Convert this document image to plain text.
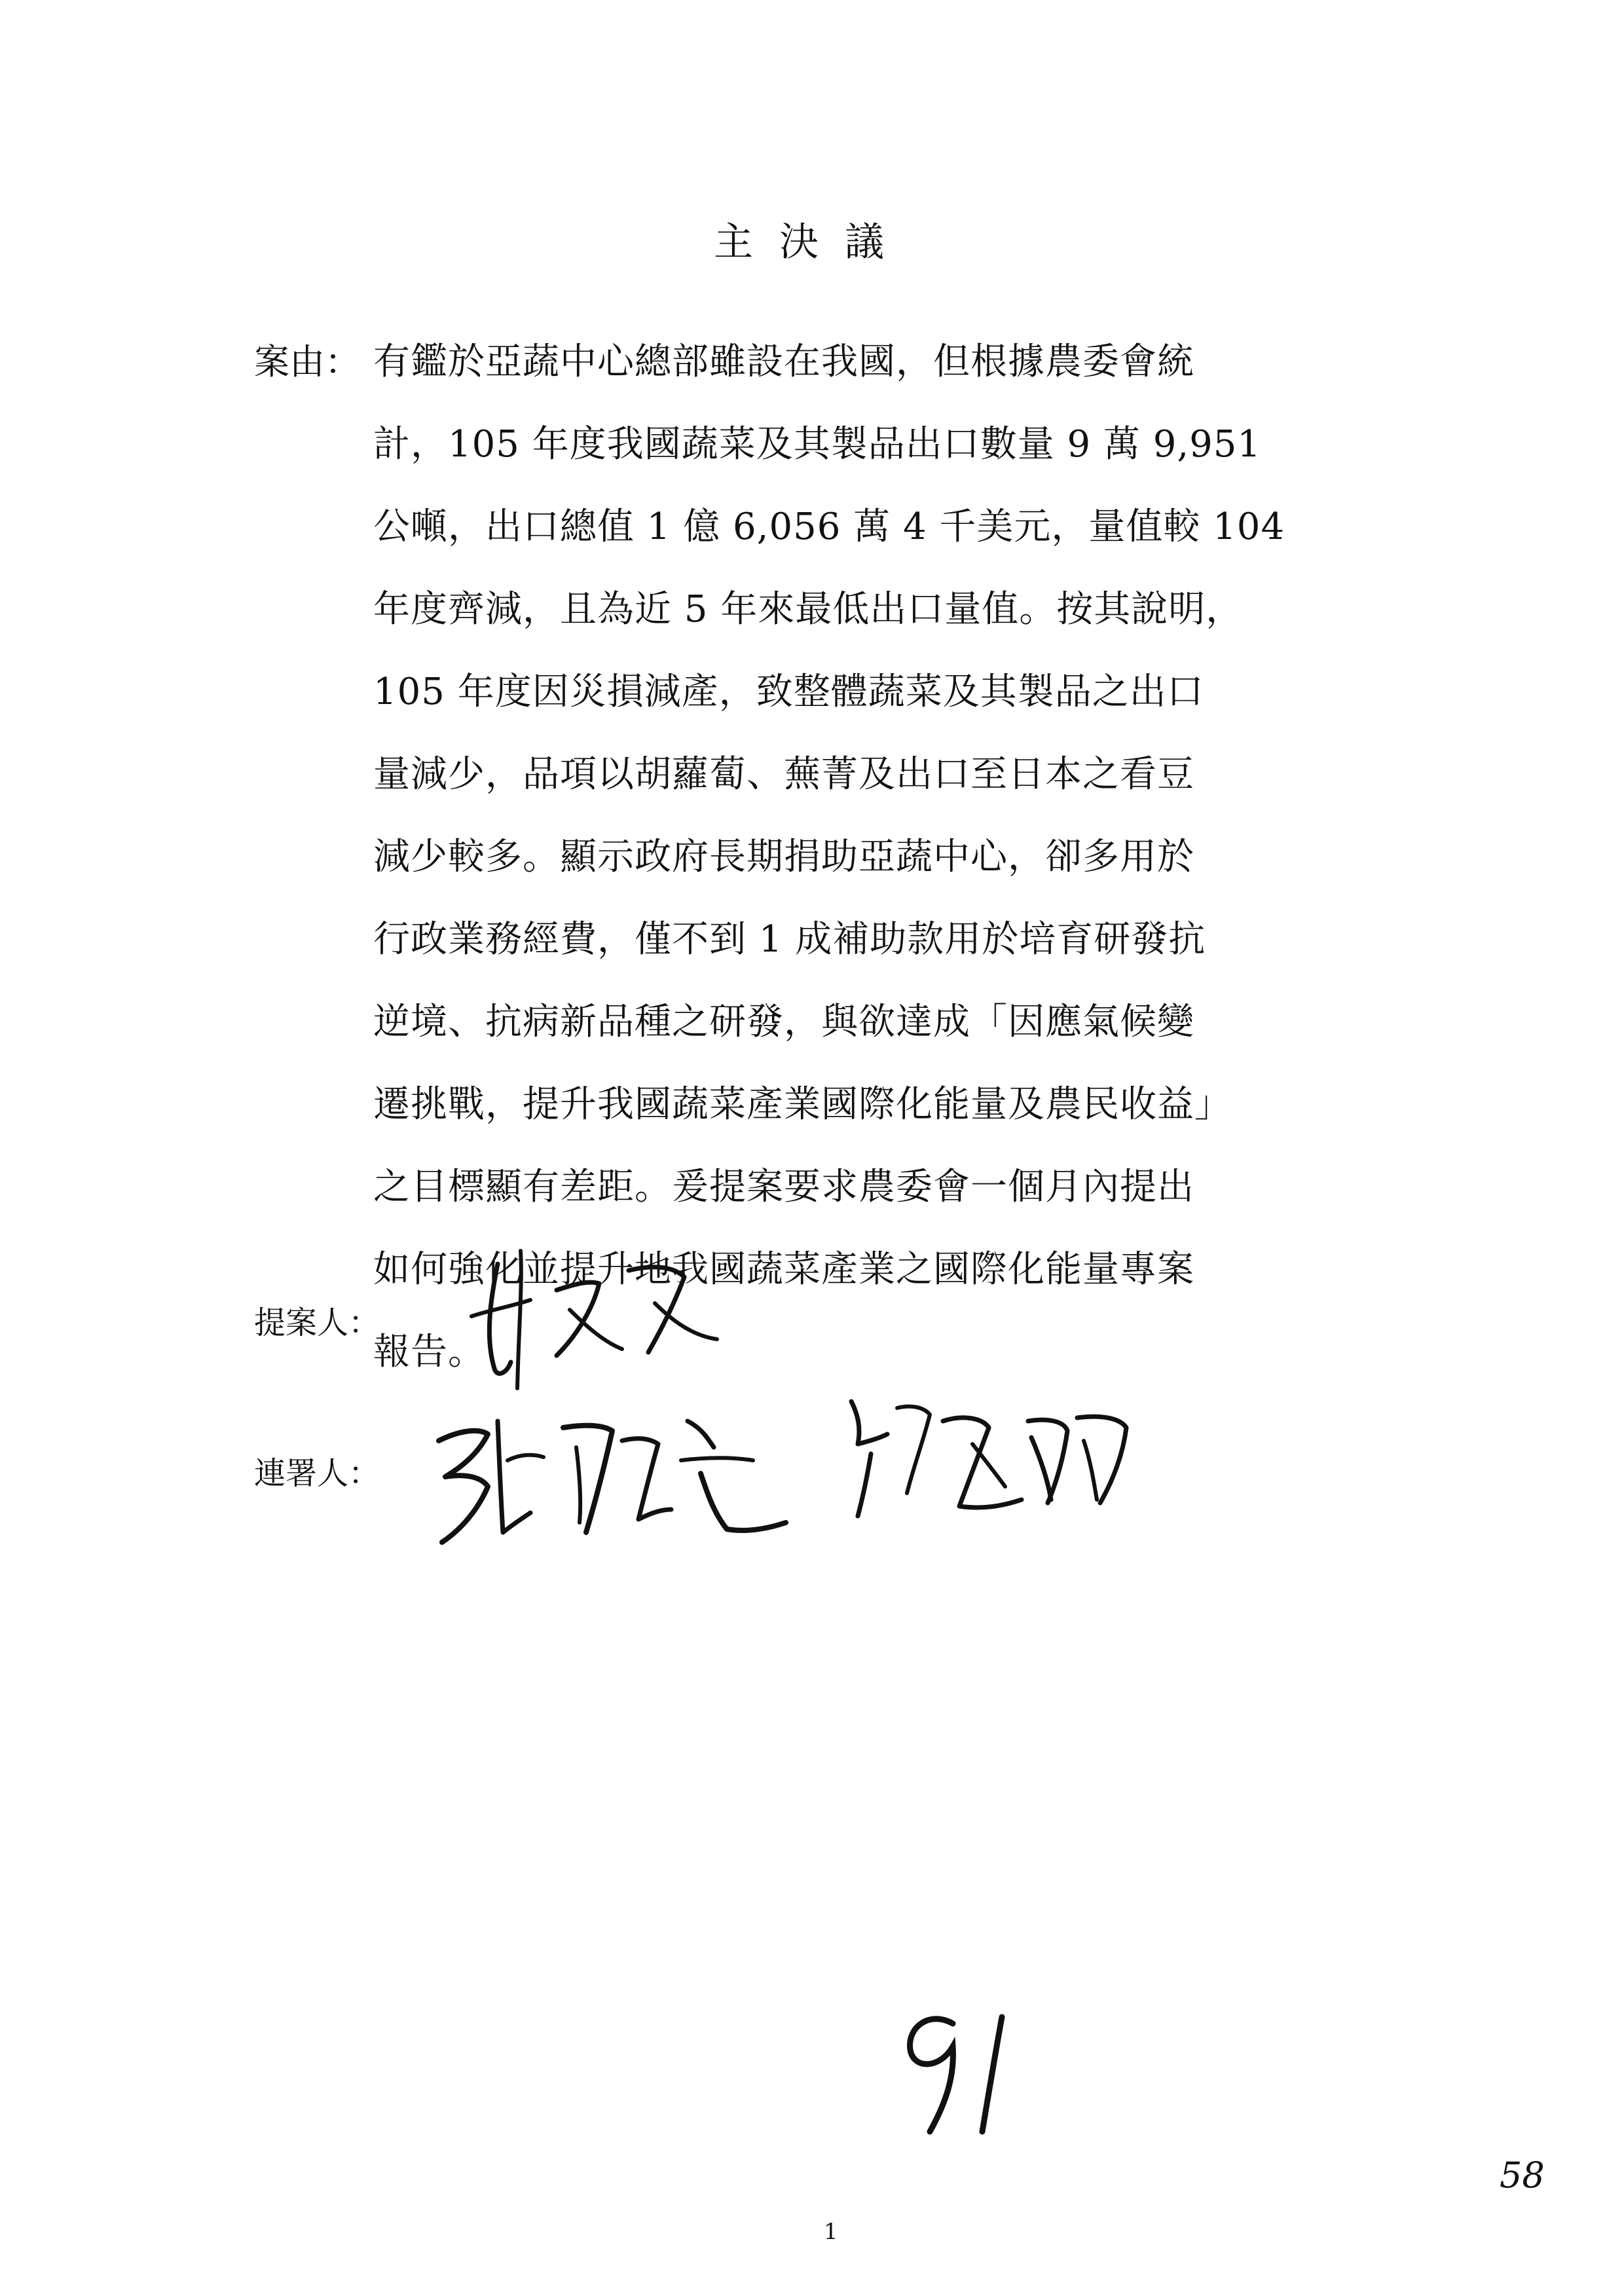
主決議
案由： 有鑑於亞蔬中心總部雖設在我國，但根據農委會統
計，105 年度我國蔬菜及其製品出口數量 9 萬 9,951
公噸，出口總值 1 億 6,056 萬 4 千美元，量值較 104
年度齊減，且為近 5 年來最低出口量值。按其說明，
105 年度因災損減產，致整體蔬菜及其製品之出口
量減少，品項以胡蘿蔔、蕪菁及出口至日本之看豆
減少較多。顯示政府長期捐助亞蔬中心，卻多用於
行政業務經費，僅不到 1 成補助款用於培育研發抗
逆境、抗病新品種之研發，與欲達成「因應氣候變
遷挑戰，提升我國蔬菜產業國際化能量及農民收益」
之目標顯有差距。爰提案要求農委會一個月內提出
如何強化並提升地我國蔬菜產業之國際化能量專案
報告。
提案人：
連署人：
91
1
58
